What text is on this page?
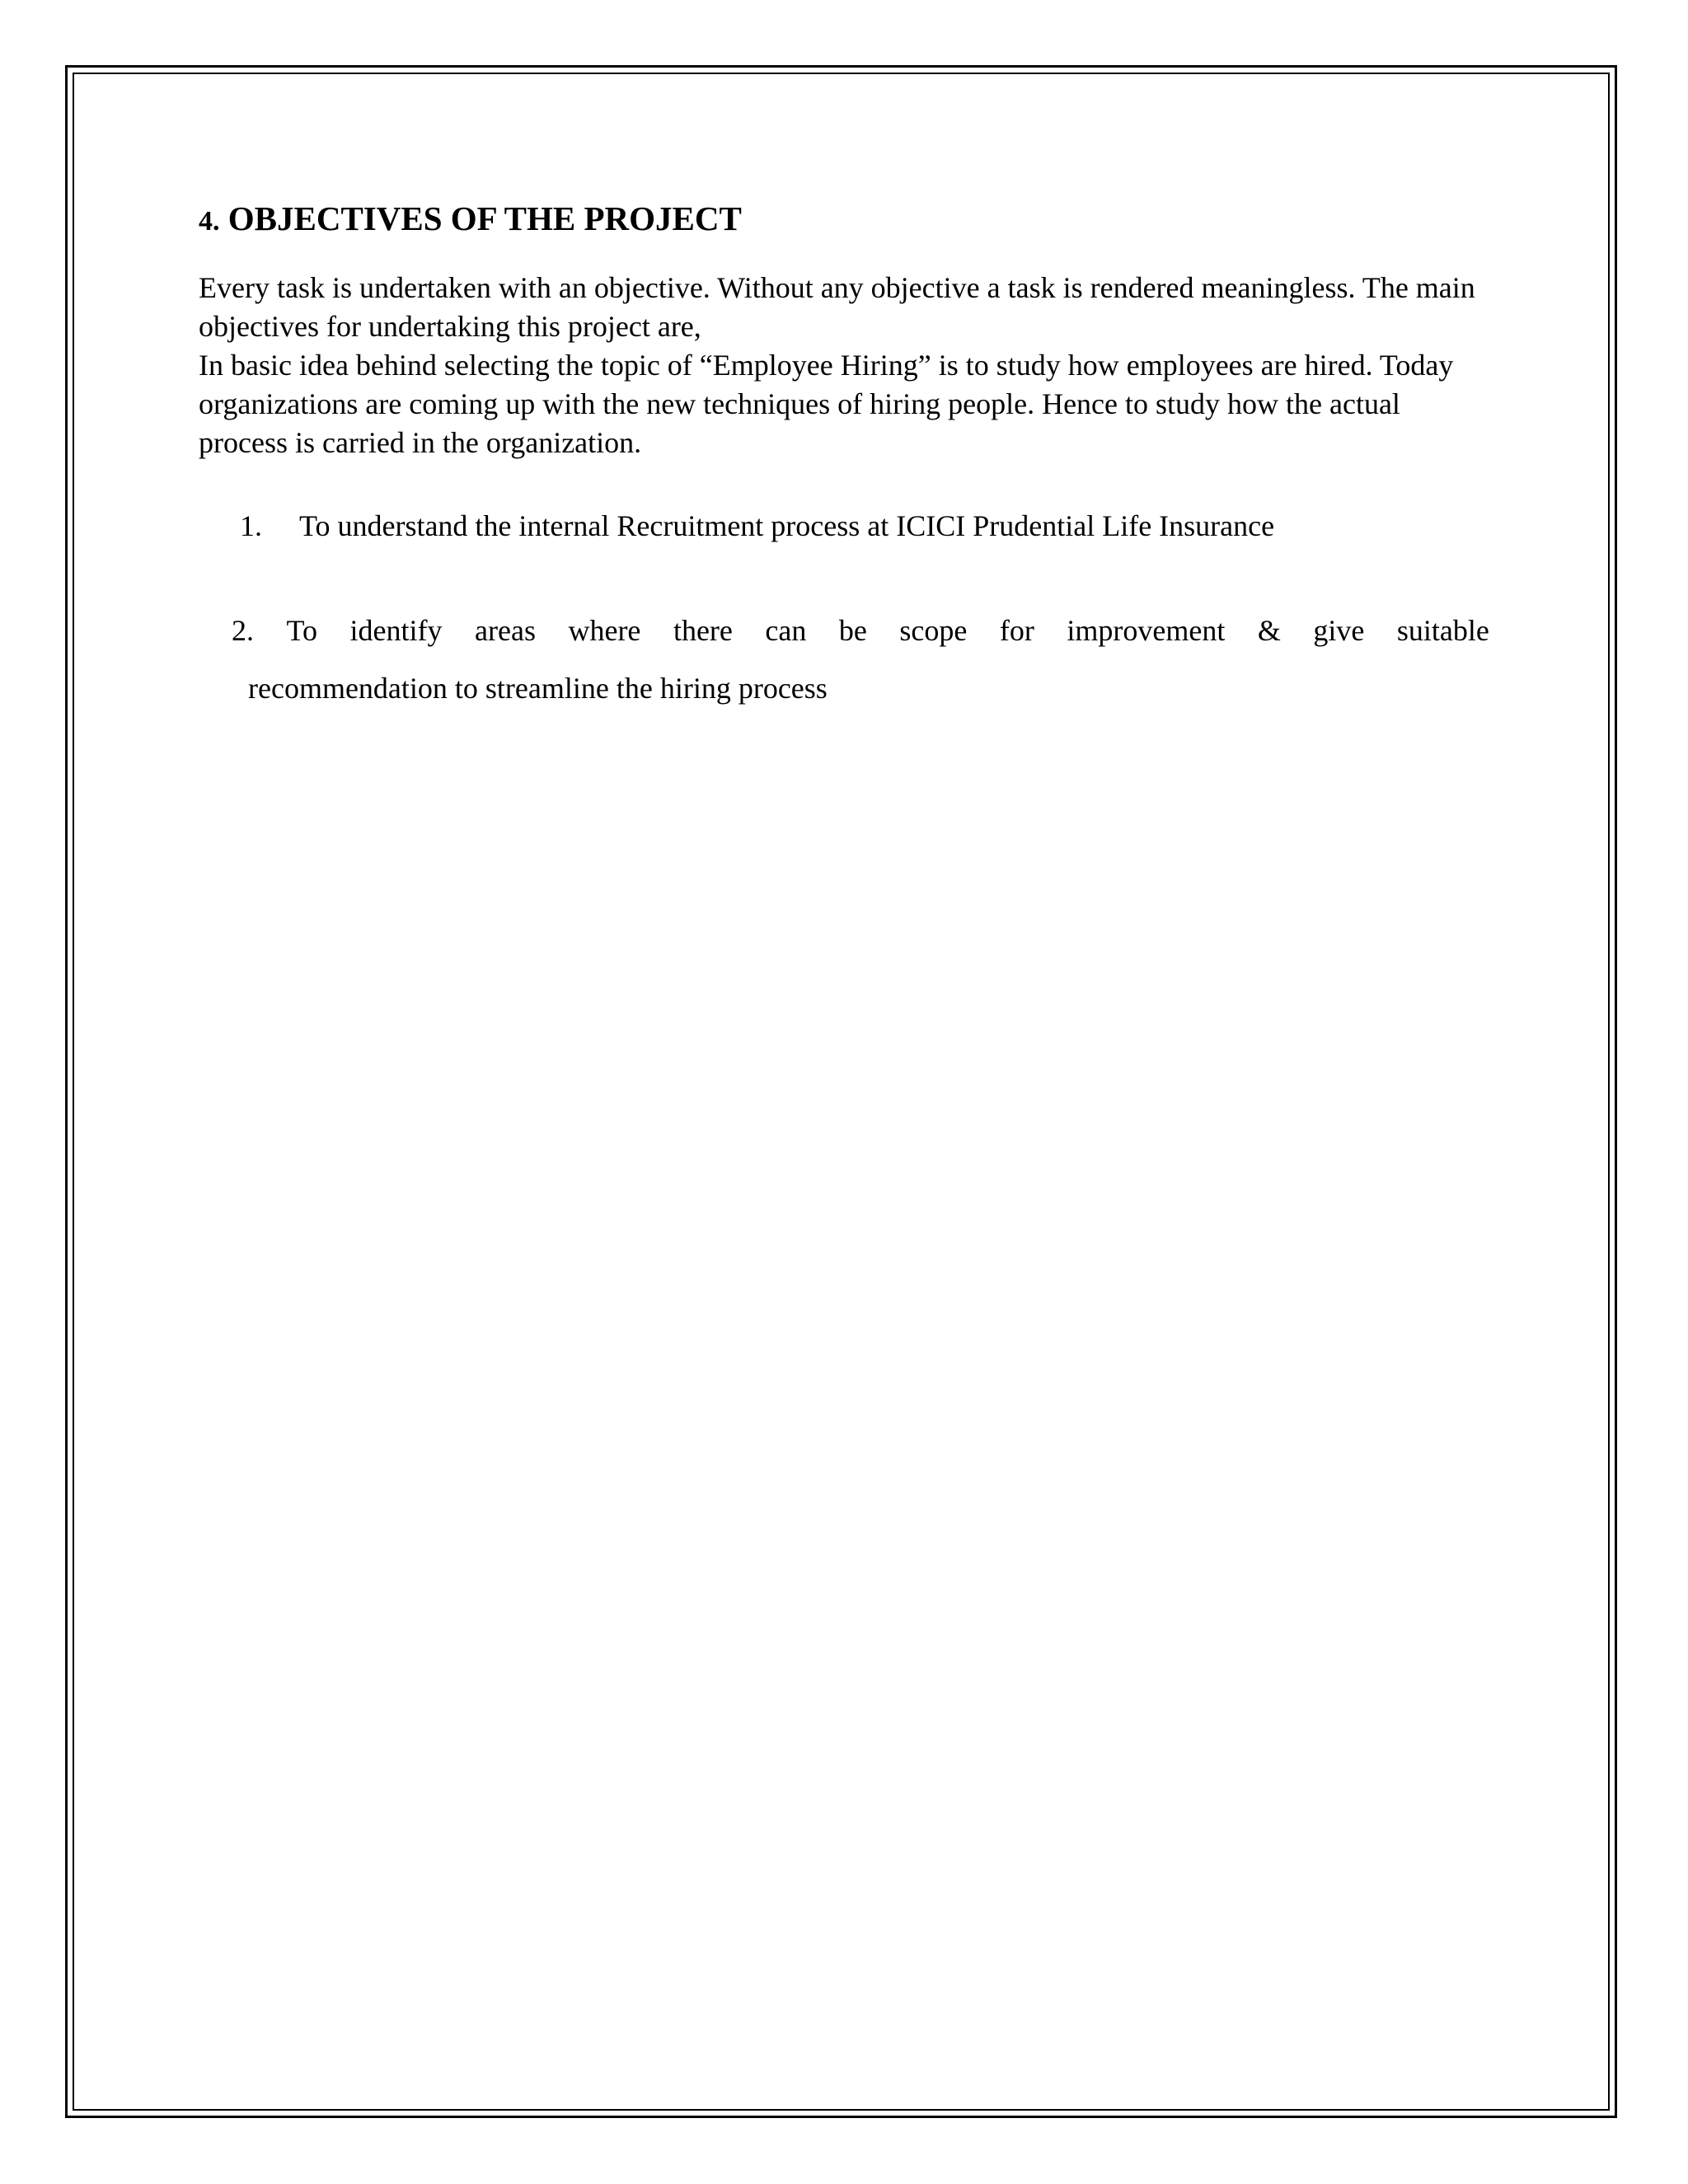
4. OBJECTIVES OF THE PROJECT

Every task is undertaken with an objective. Without any objective a task is rendered meaningless. The main objectives for undertaking this project are,

In basic idea behind selecting the topic of “Employee Hiring” is to study how employees are hired. Today organizations are coming up with the new techniques of hiring people. Hence to study how the actual process is carried in the organization.

1. To understand the internal Recruitment process at ICICI Prudential Life Insurance
2. To identify areas where there can be scope for improvement & give suitable
recommendation to streamline the hiring process
